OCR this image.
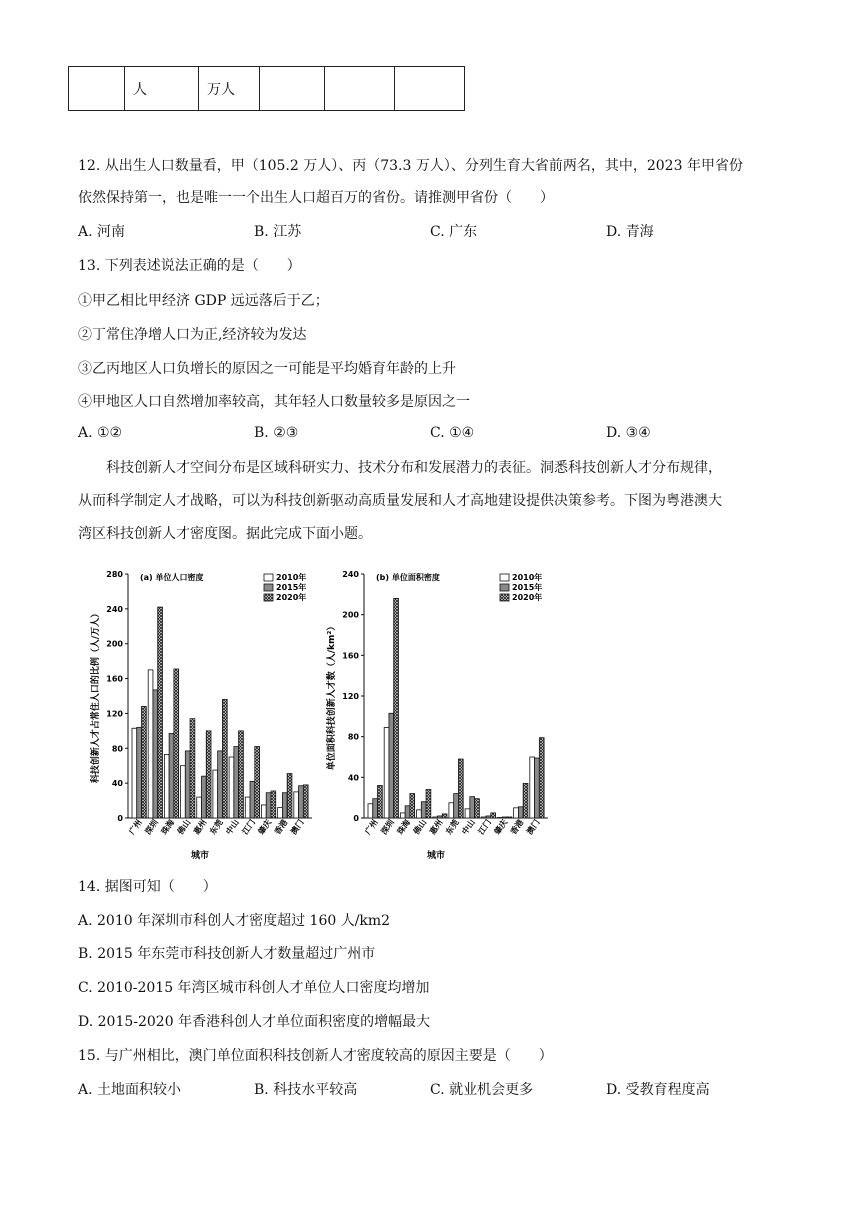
	人	万人			
12. 从出生人口数量看，甲（105.2 万人）、丙（73.3 万人）、分列生育大省前两名，其中，2023 年甲省份
依然保持第一，也是唯一一个出生人口超百万的省份。请推测甲省份（　　）
A. 河南	B. 江苏	C. 广东	D. 青海
13. 下列表述说法正确的是（　　）
①甲乙相比甲经济 GDP 远远落后于乙；
②丁常住净增人口为正,经济较为发达
③乙丙地区人口负增长的原因之一可能是平均婚育年龄的上升
④甲地区人口自然增加率较高，其年轻人口数量较多是原因之一
A. ①②	B. ②③	C. ①④	D. ③④
科技创新人才空间分布是区域科研实力、技术分布和发展潜力的表征。洞悉科技创新人才分布规律，
从而科学制定人才战略，可以为科技创新驱动高质量发展和人才高地建设提供决策参考。下图为粤港澳大
湾区科技创新人才密度图。据此完成下面小题。
0
40
80
120
160
200
240
280
科技创新人才占常住人口的比例（人/万人）
(a) 单位人口密度	2010年
2015年
2020年
广州 深圳 珠海 佛山 惠州 东莞 中山 江门 肇庆 香港 澳门
城市
0
40
80
120
160
200
240
单位面积科技创新人才数（人/km²）
(b) 单位面积密度	2010年
2015年
2020年
广州 深圳 珠海 佛山 惠州 东莞 中山 江门 肇庆 香港 澳门
城市
14. 据图可知（　　）
A. 2010 年深圳市科创人才密度超过 160 人/km2
B. 2015 年东莞市科技创新人才数量超过广州市
C. 2010-2015 年湾区城市科创人才单位人口密度均增加
D. 2015-2020 年香港科创人才单位面积密度的增幅最大
15. 与广州相比，澳门单位面积科技创新人才密度较高的原因主要是（　　）
A. 土地面积较小	B. 科技水平较高	C. 就业机会更多	D. 受教育程度高
